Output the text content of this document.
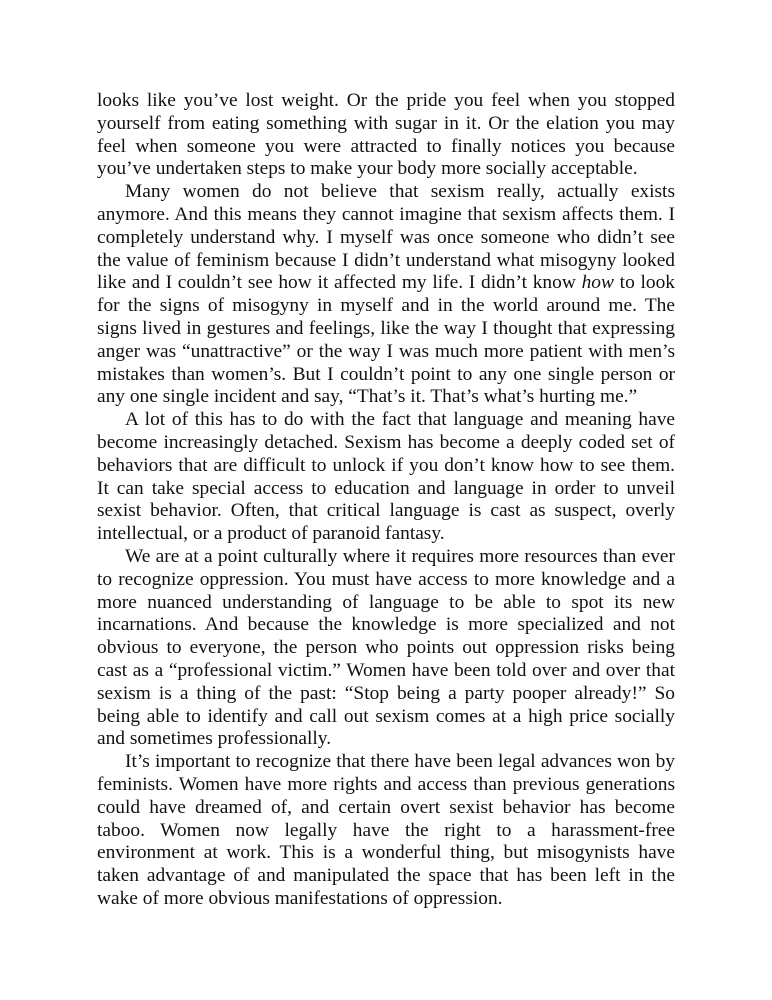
looks like you’ve lost weight. Or the pride you feel when you stopped yourself from eating something with sugar in it. Or the elation you may feel when someone you were attracted to finally notices you because you’ve undertaken steps to make your body more socially acceptable.

Many women do not believe that sexism really, actually exists anymore. And this means they cannot imagine that sexism affects them. I completely understand why. I myself was once someone who didn’t see the value of feminism because I didn’t understand what misogyny looked like and I couldn’t see how it affected my life. I didn’t know how to look for the signs of misogyny in myself and in the world around me. The signs lived in gestures and feelings, like the way I thought that expressing anger was “unattractive” or the way I was much more patient with men’s mistakes than women’s. But I couldn’t point to any one single person or any one single incident and say, “That’s it. That’s what’s hurting me.”

A lot of this has to do with the fact that language and meaning have become increasingly detached. Sexism has become a deeply coded set of behaviors that are difficult to unlock if you don’t know how to see them. It can take special access to education and language in order to unveil sexist behavior. Often, that critical language is cast as suspect, overly intellectual, or a product of paranoid fantasy.

We are at a point culturally where it requires more resources than ever to recognize oppression. You must have access to more knowledge and a more nuanced understanding of language to be able to spot its new incarnations. And because the knowledge is more specialized and not obvious to everyone, the person who points out oppression risks being cast as a “professional victim.” Women have been told over and over that sexism is a thing of the past: “Stop being a party pooper already!” So being able to identify and call out sexism comes at a high price socially and sometimes professionally.

It’s important to recognize that there have been legal advances won by feminists. Women have more rights and access than previous generations could have dreamed of, and certain overt sexist behavior has become taboo. Women now legally have the right to a harassment-free environment at work. This is a wonderful thing, but misogynists have taken advantage of and manipulated the space that has been left in the wake of more obvious manifestations of oppression.
